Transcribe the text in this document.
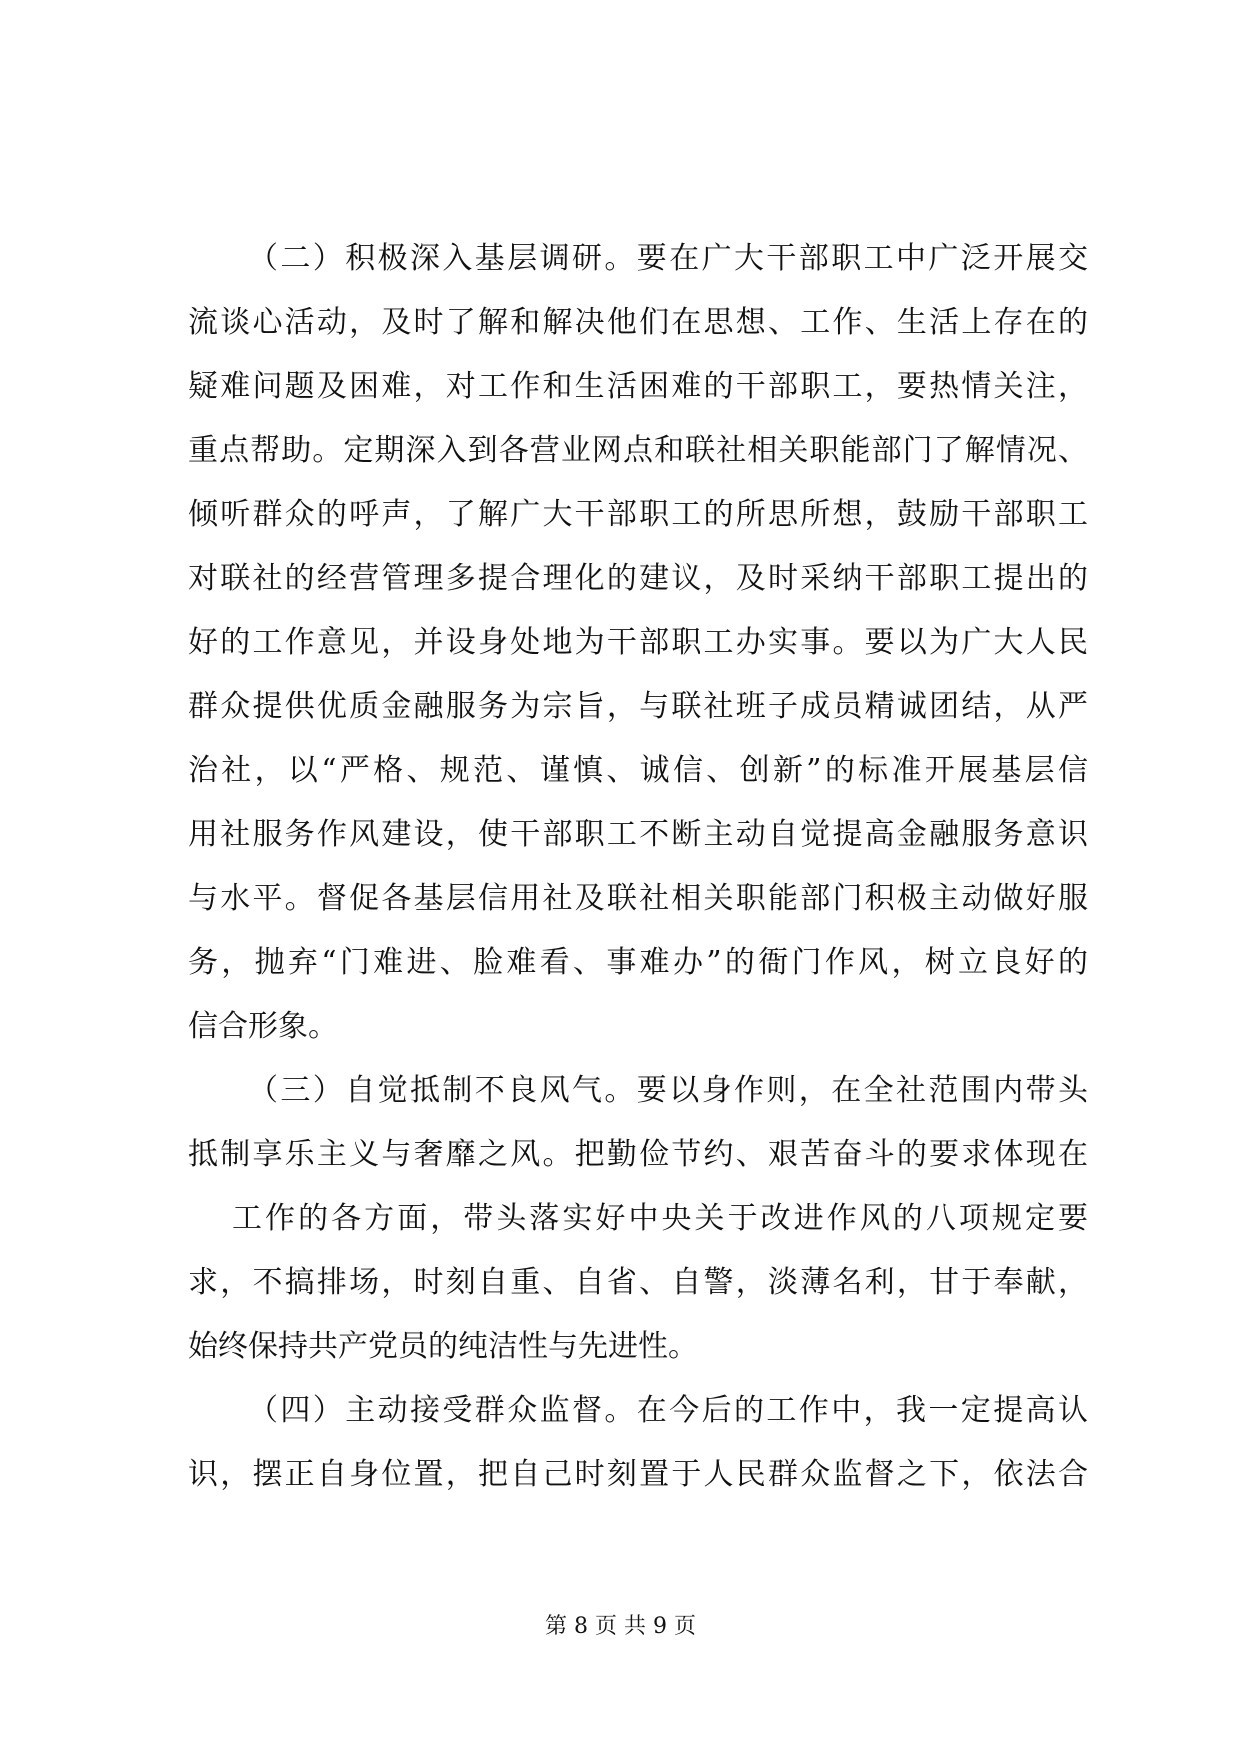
（二）积极深入基层调研。要在广大干部职工中广泛开展交
流谈心活动，及时了解和解决他们在思想、工作、生活上存在的
疑难问题及困难，对工作和生活困难的干部职工，要热情关注，
重点帮助。定期深入到各营业网点和联社相关职能部门了解情况、
倾听群众的呼声，了解广大干部职工的所思所想，鼓励干部职工
对联社的经营管理多提合理化的建议，及时采纳干部职工提出的
好的工作意见，并设身处地为干部职工办实事。要以为广大人民
群众提供优质金融服务为宗旨，与联社班子成员精诚团结，从严
治社，以“严格、规范、谨慎、诚信、创新”的标准开展基层信
用社服务作风建设，使干部职工不断主动自觉提高金融服务意识
与水平。督促各基层信用社及联社相关职能部门积极主动做好服
务，抛弃“门难进、脸难看、事难办”的衙门作风，树立良好的
信合形象。
（三）自觉抵制不良风气。要以身作则，在全社范围内带头
抵制享乐主义与奢靡之风。把勤俭节约、艰苦奋斗的要求体现在
工作的各方面，带头落实好中央关于改进作风的八项规定要
求，不搞排场，时刻自重、自省、自警，淡薄名利，甘于奉献，
始终保持共产党员的纯洁性与先进性。
（四）主动接受群众监督。在今后的工作中，我一定提高认
识，摆正自身位置，把自己时刻置于人民群众监督之下，依法合
第 8 页 共 9 页
